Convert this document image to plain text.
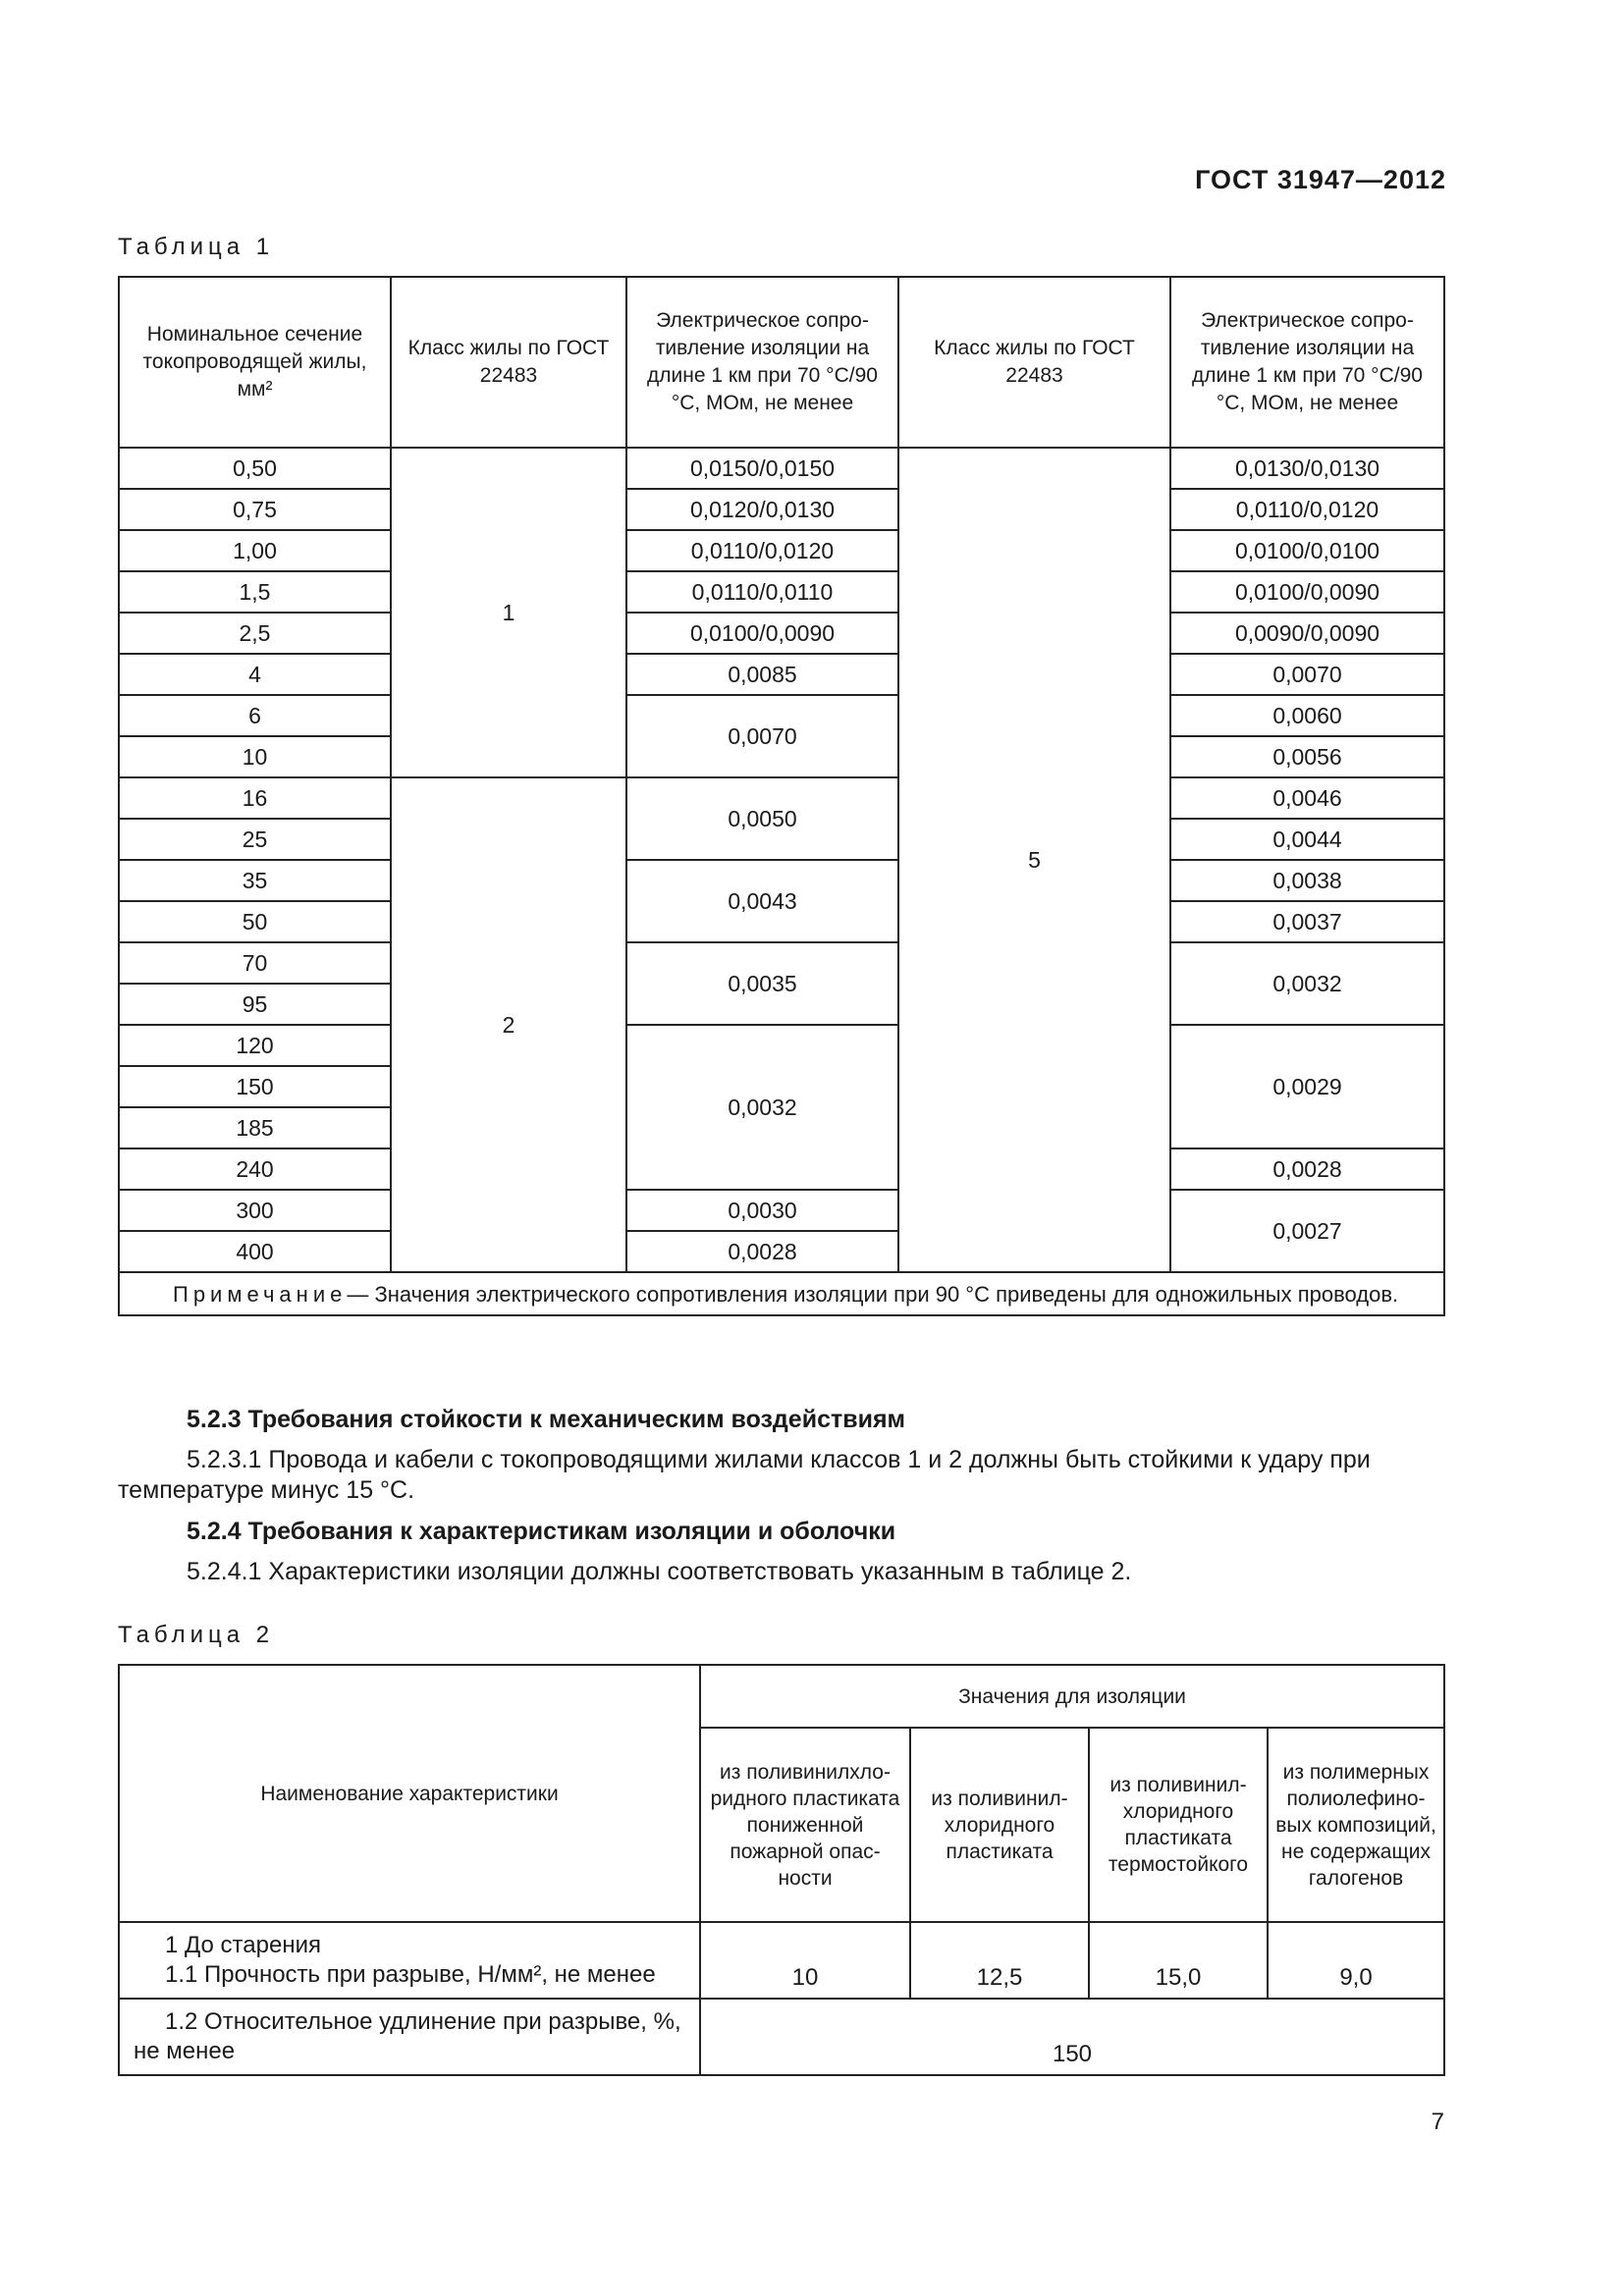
ГОСТ 31947—2012
Таблица 1
Номинальное сечение токопроводящей жилы, мм²	Класс жилы по ГОСТ 22483	Электрическое сопротивление изоляции на длине 1 км при 70 °С/90 °С, МОм, не менее	Класс жилы по ГОСТ 22483	Электрическое сопротивление изоляции на длине 1 км при 70 °С/90 °С, МОм, не менее
0,50	1	0,0150/0,0150	5	0,0130/0,0130
0,75		0,0120/0,0130		0,0110/0,0120
1,00		0,0110/0,0120		0,0100/0,0100
1,5		0,0110/0,0110		0,0100/0,0090
2,5		0,0100/0,0090		0,0090/0,0090
4		0,0085		0,0070
6		0,0070		0,0060
10				0,0056
16	2	0,0050		0,0046
25				0,0044
35		0,0043		0,0038
50				0,0037
70		0,0035		0,0032
95				
120		0,0032		0,0029
150				
185				
240				0,0028
300		0,0030		0,0027
400		0,0028		
Примечание— Значения электрического сопротивления изоляции при 90 °С приведены для одножильных проводов.				
5.2.3 Требования стойкости к механическим воздействиям
5.2.3.1 Провода и кабели с токопроводящими жилами классов 1 и 2 должны быть стойкими к удару при температуре минус 15 °С.
5.2.4 Требования к характеристикам изоляции и оболочки
5.2.4.1 Характеристики изоляции должны соответствовать указанным в таблице 2.
Таблица 2
Наименование характеристики	Значения для изоляции			
	из поливинилхлоридного пластиката пониженной пожарной опасности	из поливинилхлоридного пластиката	из поливинилхлоридного пластиката термостойкого	из полимерных полиолефиновых композиций, не содержащих галогенов

1 До старения
1.1 Прочность при разрыве, Н/мм², не менее	10	12,5	15,0	9,0
1.2 Относительное удлинение при разрыве, %, не менее	150			
7
